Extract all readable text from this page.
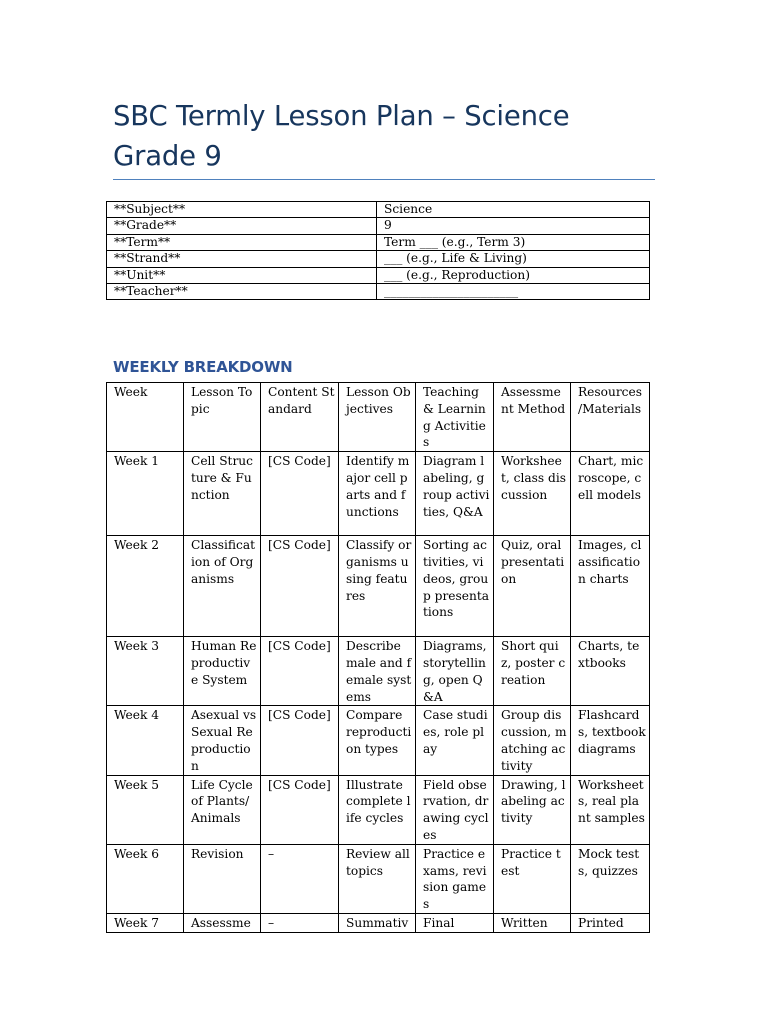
SBC Termly Lesson Plan – Science Grade 9
**Subject**	Science
**Grade**	9
**Term**	Term ___ (e.g., Term 3)
**Strand**	___ (e.g., Life & Living)
**Unit**	___ (e.g., Reproduction)
**Teacher**	______________________
WEEKLY BREAKDOWN
Week	Lesson Topic	Content Standard	Lesson Objectives	Teaching & Learning Activities	Assessment Method	Resources /Materials
Week 1	Cell Structure & Function	[CS Code]	Identify major cell parts and functions	Diagram labeling, group activities, Q&A	Worksheet, class discussion	Chart, microscope, cell models
Week 2	Classification of Organisms	[CS Code]	Classify organisms using features	Sorting activities, videos, group presentations	Quiz, oral presentation	Images, classification charts
Week 3	Human Reproductive System	[CS Code]	Describe male and female systems	Diagrams, storytelling, open Q&A	Short quiz, poster creation	Charts, textbooks
Week 4	Asexual vs Sexual Reproduction	[CS Code]	Compare reproduction types	Case studies, role play	Group discussion, matching activity	Flashcards, textbook diagrams
Week 5	Life Cycle of Plants/Animals	[CS Code]	Illustrate complete life cycles	Field observation, drawing cycles	Drawing, labeling activity	Worksheets, real plant samples
Week 6	Revision	–	Review all topics	Practice exams, revision games	Practice test	Mock tests, quizzes
Week 7	Assessme	–	Summativ	Final	Written	Printed
